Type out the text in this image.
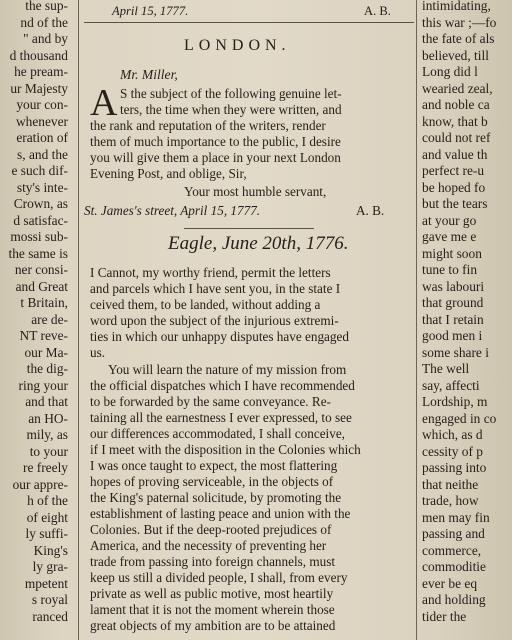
the sup-
nd of the
" and by
d thousand
he pream-
ur Majesty
your con-
whenever
eration of
s, and the
e such dif-
sty's inte-
Crown, as
d satisfac-
mossi sub-
the same is
ner consi-
and Great
t Britain,
are de-
NT reve-
our Ma-
the dig-
ring your
and that
an HO-
mily, as
to your
re freely
our appre-
h of the
of eight
ly suffi-
King's
ly gra-
mpetent
s royal
ranced
April 15, 1777.	A. B.
LONDON.
Mr. Miller,
A S the subject of the following genuine let-
ters, the time when they were written, and
the rank and reputation of the writers, render
them of much importance to the public, I desire
you will give them a place in your next London
Evening Post, and oblige, Sir,
Your most humble servant,
St. James's street, April 15, 1777.	A. B.
Eagle, June 20th, 1776.
I Cannot, my worthy friend, permit the letters
and parcels which I have sent you, in the state I
ceived them, to be landed, without adding a
word upon the subject of the injurious extremi-
ties in which our unhappy disputes have engaged
us.
You will learn the nature of my mission from
the official dispatches which I have recommended
to be forwarded by the same conveyance. Re-
taining all the earnestness I ever expressed, to see
our differences accommodated, I shall conceive,
if I meet with the disposition in the Colonies which
I was once taught to expect, the most flattering
hopes of proving serviceable, in the objects of
the King's paternal solicitude, by promoting the
establishment of lasting peace and union with the
Colonies. But if the deep-rooted prejudices of
America, and the necessity of preventing her
trade from passing into foreign channels, must
keep us still a divided people, I shall, from every
private as well as public motive, most heartily
lament that it is not the moment wherein those
great objects of my ambition are to be attained
intimidating,
this war ;—fo
the fate of als
believed, till
Long did l
wearied zeal,
and noble ca
know, that b
could not ref
and value th
perfect re-u
be hoped fo
but the tears
at your go
gave me e
might soon
tune to fin
was labouri
that ground
that I retain
good men i
some share i
The well
say, affecti
Lordship, m
engaged in co
which, as d
cessity of p
passing into
that neithe
trade, how
men may fin
passing and
commerce,
commoditie
ever be eq
and holding
tider the
